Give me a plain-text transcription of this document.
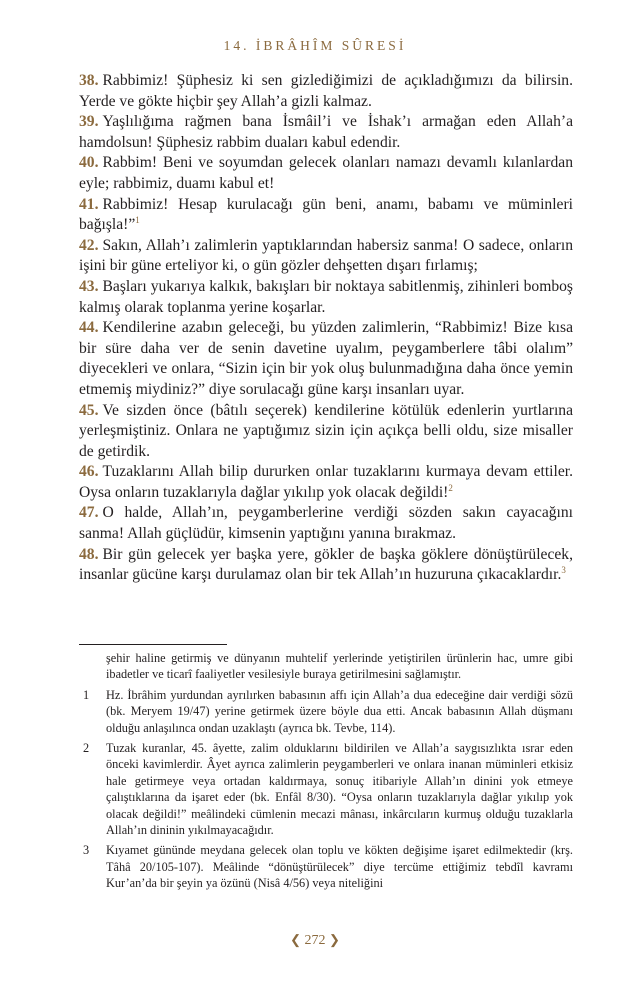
14. İBRÂHÎM SÛRESİ

38. Rabbimiz! Şüphesiz ki sen gizlediğimizi de açıkladığımızı da bilirsin. Yerde ve gökte hiçbir şey Allah’a gizli kalmaz.

39. Yaşlılığıma rağmen bana İsmâil’i ve İshak’ı armağan eden Allah’a hamdolsun! Şüphesiz rabbim duaları kabul edendir.

40. Rabbim! Beni ve soyumdan gelecek olanları namazı devamlı kılanlardan eyle; rabbimiz, duamı kabul et!

41. Rabbimiz! Hesap kurulacağı gün beni, anamı, babamı ve müminleri bağışla!”$^1$

42. Sakın, Allah’ı zalimlerin yaptıklarından habersiz sanma! O sadece, onların işini bir güne erteliyor ki, o gün gözler dehşetten dışarı fırlamış;

43. Başları yukarıya kalkık, bakışları bir noktaya sabitlenmiş, zihinleri bomboş kalmış olarak toplanma yerine koşarlar.

44. Kendilerine azabın geleceği, bu yüzden zalimlerin, “Rabbimiz! Bize kısa bir süre daha ver de senin davetine uyalım, peygamberlere tâbi olalım” diyecekleri ve onlara, “Sizin için bir yok oluş bulunmadığına daha önce yemin etmemiş miydiniz?” diye sorulacağı güne karşı insanları uyar.

45. Ve sizden önce (bâtılı seçerek) kendilerine kötülük edenlerin yurtlarına yerleşmiştiniz. Onlara ne yaptığımız sizin için açıkça belli oldu, size misaller de getirdik.

46. Tuzaklarını Allah bilip dururken onlar tuzaklarını kurmaya devam ettiler. Oysa onların tuzaklarıyla dağlar yıkılıp yok olacak değildi!$^2$

47. O halde, Allah’ın, peygamberlerine verdiği sözden sakın cayacağını sanma! Allah güçlüdür, kimsenin yaptığını yanına bırakmaz.

48. Bir gün gelecek yer başka yere, gökler de başka göklere dönüştürülecek, insanlar gücüne karşı durulamaz olan bir tek Allah’ın huzuruna çıkacaklardır.$^3$

şehir haline getirmiş ve dünyanın muhtelif yerlerinde yetiştirilen ürünlerin hac, umre gibi ibadetler ve ticarî faaliyetler vesilesiyle buraya getirilmesini sağlamıştır.

1 Hz. İbrâhim yurdundan ayrılırken babasının affı için Allah’a dua edeceğine dair verdiği sözü (bk. Meryem 19/47) yerine getirmek üzere böyle dua etti. Ancak babasının Allah düşmanı olduğu anlaşılınca ondan uzaklaştı (ayrıca bk. Tevbe, 114).

2 Tuzak kuranlar, 45. âyette, zalim olduklarını bildirilen ve Allah’a saygısızlıkta ısrar eden önceki kavimlerdir. Âyet ayrıca zalimlerin peygamberleri ve onlara inanan müminleri etkisiz hale getirmeye veya ortadan kaldırmaya, sonuç itibariyle Allah’ın dinini yok etmeye çalıştıklarına da işaret eder (bk. Enfâl 8/30). “Oysa onların tuzaklarıyla dağlar yıkılıp yok olacak değildi!” meâlindeki cümlenin mecazi mânası, inkârcıların kurmuş olduğu tuzaklarla Allah’ın dininin yıkılmayacağıdır.

3 Kıyamet gününde meydana gelecek olan toplu ve kökten değişime işaret edilmektedir (krş. Tâhâ 20/105-107). Meâlinde “dönüştürülecek” diye tercüme ettiğimiz tebdîl kavramı Kur’an’da bir şeyin ya özünü (Nisâ 4/56) veya niteliğini

❮ 272 ❯
